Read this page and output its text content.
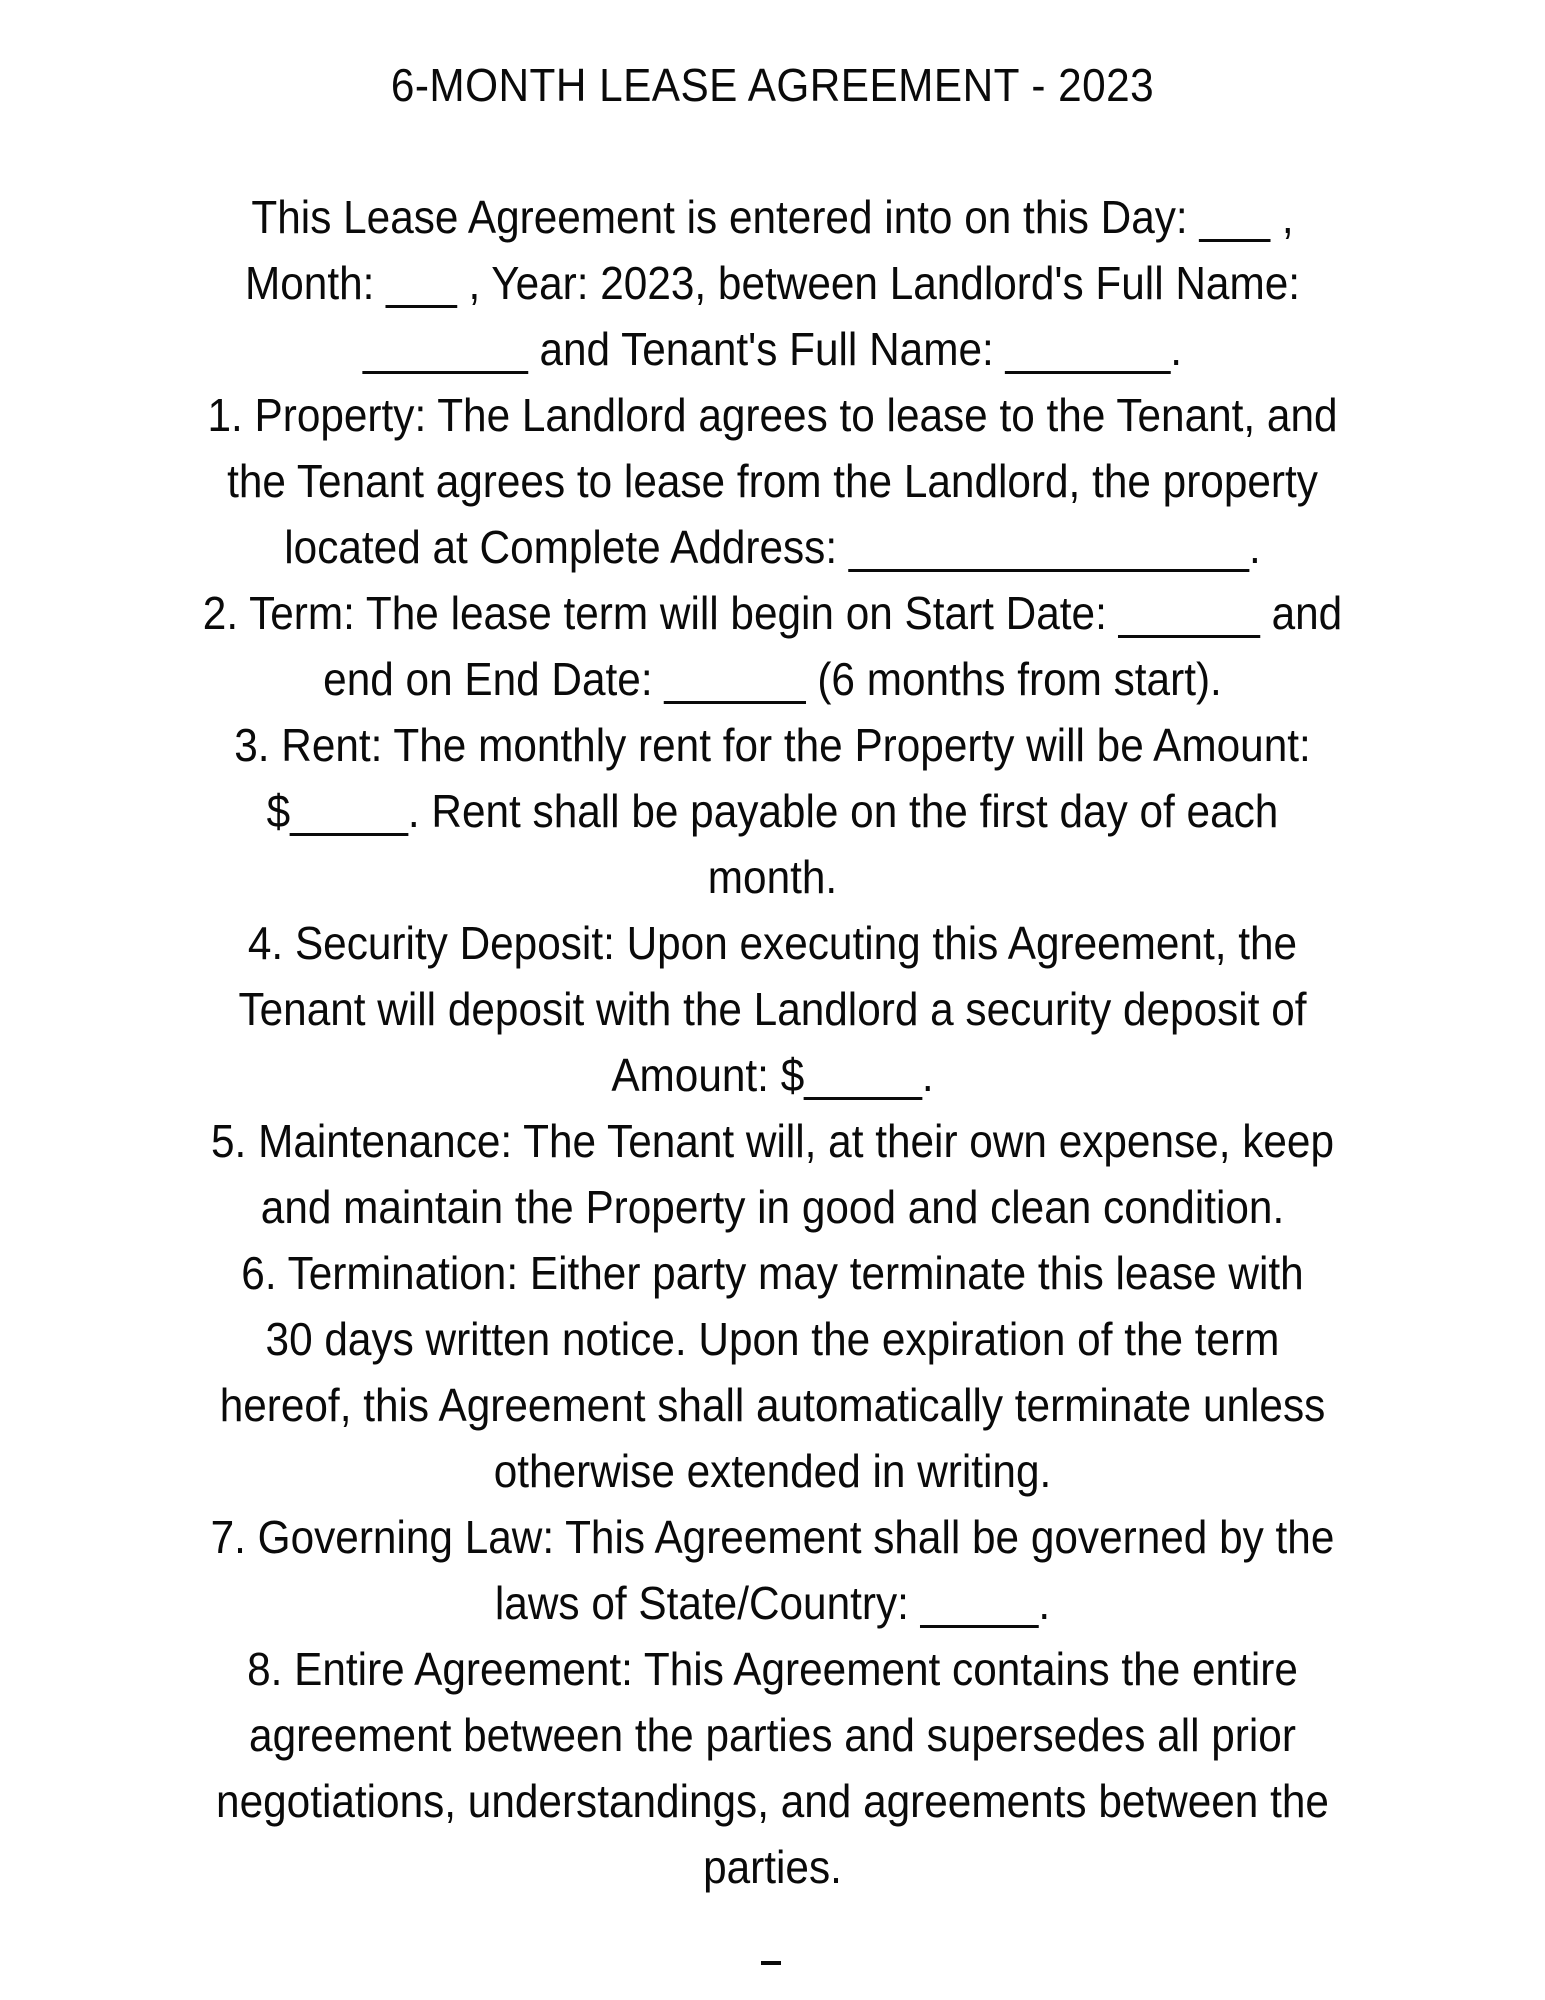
6-MONTH LEASE AGREEMENT - 2023
This Lease Agreement is entered into on this Day: ___ ,
Month: ___ , Year: 2023, between Landlord's Full Name:
_______ and Tenant's Full Name: _______.
1. Property: The Landlord agrees to lease to the Tenant, and
the Tenant agrees to lease from the Landlord, the property
located at Complete Address: _________________.
2. Term: The lease term will begin on Start Date: ______ and
end on End Date: ______ (6 months from start).
3. Rent: The monthly rent for the Property will be Amount:
$_____. Rent shall be payable on the first day of each
month.
4. Security Deposit: Upon executing this Agreement, the
Tenant will deposit with the Landlord a security deposit of
Amount: $_____.
5. Maintenance: The Tenant will, at their own expense, keep
and maintain the Property in good and clean condition.
6. Termination: Either party may terminate this lease with
30 days written notice. Upon the expiration of the term
hereof, this Agreement shall automatically terminate unless
otherwise extended in writing.
7. Governing Law: This Agreement shall be governed by the
laws of State/Country: _____.
8. Entire Agreement: This Agreement contains the entire
agreement between the parties and supersedes all prior
negotiations, understandings, and agreements between the
parties.
